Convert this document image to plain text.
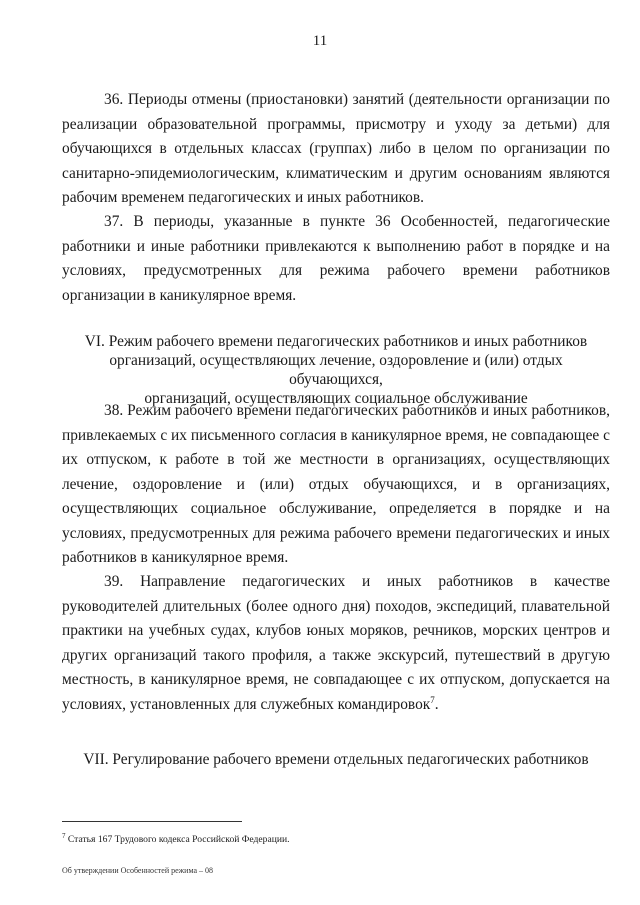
11

36. Периоды отмены (приостановки) занятий (деятельности организации по реализации образовательной программы, присмотру и уходу за детьми) для обучающихся в отдельных классах (группах) либо в целом по организации по санитарно-эпидемиологическим, климатическим и другим основаниям являются рабочим временем педагогических и иных работников.

37. В периоды, указанные в пункте 36 Особенностей, педагогические работники и иные работники привлекаются к выполнению работ в порядке и на условиях, предусмотренных для режима рабочего времени работников организации в каникулярное время.

VI. Режим рабочего времени педагогических работников и иных работников
организаций, осуществляющих лечение, оздоровление и (или) отдых обучающихся,
организаций, осуществляющих социальное обслуживание

38. Режим рабочего времени педагогических работников и иных работников, привлекаемых с их письменного согласия в каникулярное время, не совпадающее с их отпуском, к работе в той же местности в организациях, осуществляющих лечение, оздоровление и (или) отдых обучающихся, и в организациях, осуществляющих социальное обслуживание, определяется в порядке и на условиях, предусмотренных для режима рабочего времени педагогических и иных работников в каникулярное время.

39. Направление педагогических и иных работников в качестве руководителей длительных (более одного дня) походов, экспедиций, плавательной практики на учебных судах, клубов юных моряков, речников, морских центров и других организаций такого профиля, а также экскурсий, путешествий в другую местность, в каникулярное время, не совпадающее с их отпуском, допускается на условиях, установленных для служебных командировок$^7$.

VII. Регулирование рабочего времени отдельных педагогических работников
$^7$ Статья 167 Трудового кодекса Российской Федерации.
Об утверждении Особенностей режима – 08
